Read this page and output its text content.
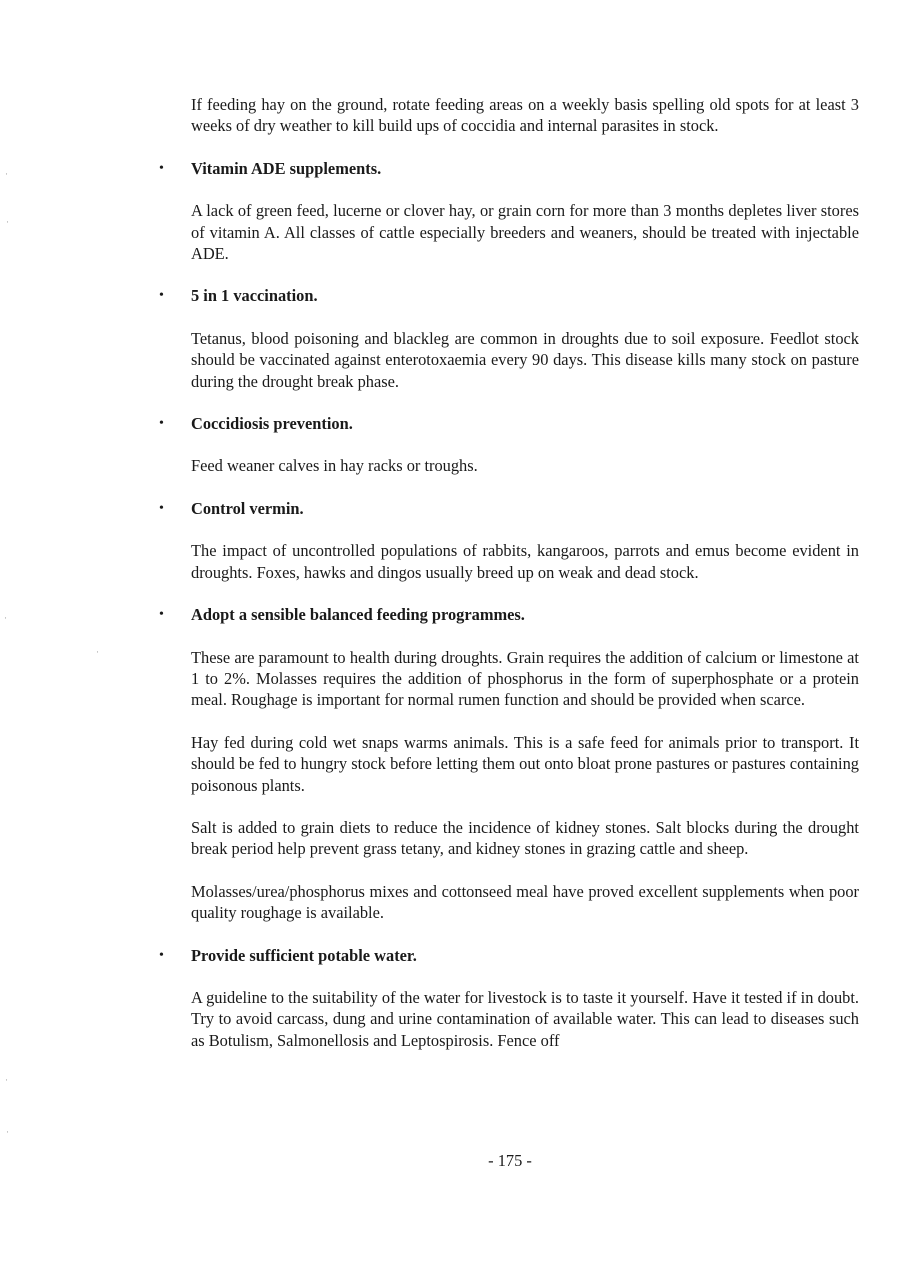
If feeding hay on the ground, rotate feeding areas on a weekly basis spelling old spots for at least 3 weeks of dry weather to kill build ups of coccidia and internal parasites in stock.

• Vitamin ADE supplements.

A lack of green feed, lucerne or clover hay, or grain corn for more than 3 months depletes liver stores of vitamin A. All classes of cattle especially breeders and weaners, should be treated with injectable ADE.

• 5 in 1 vaccination.

Tetanus, blood poisoning and blackleg are common in droughts due to soil exposure. Feedlot stock should be vaccinated against enterotoxaemia every 90 days. This disease kills many stock on pasture during the drought break phase.

• Coccidiosis prevention.

Feed weaner calves in hay racks or troughs.

• Control vermin.

The impact of uncontrolled populations of rabbits, kangaroos, parrots and emus become evident in droughts. Foxes, hawks and dingos usually breed up on weak and dead stock.

• Adopt a sensible balanced feeding programmes.

These are paramount to health during droughts. Grain requires the addition of calcium or limestone at 1 to 2%. Molasses requires the addition of phosphorus in the form of superphosphate or a protein meal. Roughage is important for normal rumen function and should be provided when scarce.

Hay fed during cold wet snaps warms animals. This is a safe feed for animals prior to transport. It should be fed to hungry stock before letting them out onto bloat prone pastures or pastures containing poisonous plants.

Salt is added to grain diets to reduce the incidence of kidney stones. Salt blocks during the drought break period help prevent grass tetany, and kidney stones in grazing cattle and sheep.

Molasses/urea/phosphorus mixes and cottonseed meal have proved excellent supplements when poor quality roughage is available.

• Provide sufficient potable water.

A guideline to the suitability of the water for livestock is to taste it yourself. Have it tested if in doubt. Try to avoid carcass, dung and urine contamination of available water. This can lead to diseases such as Botulism, Salmonellosis and Leptospirosis. Fence off

- 175 -
·
·
·
·
·
·
